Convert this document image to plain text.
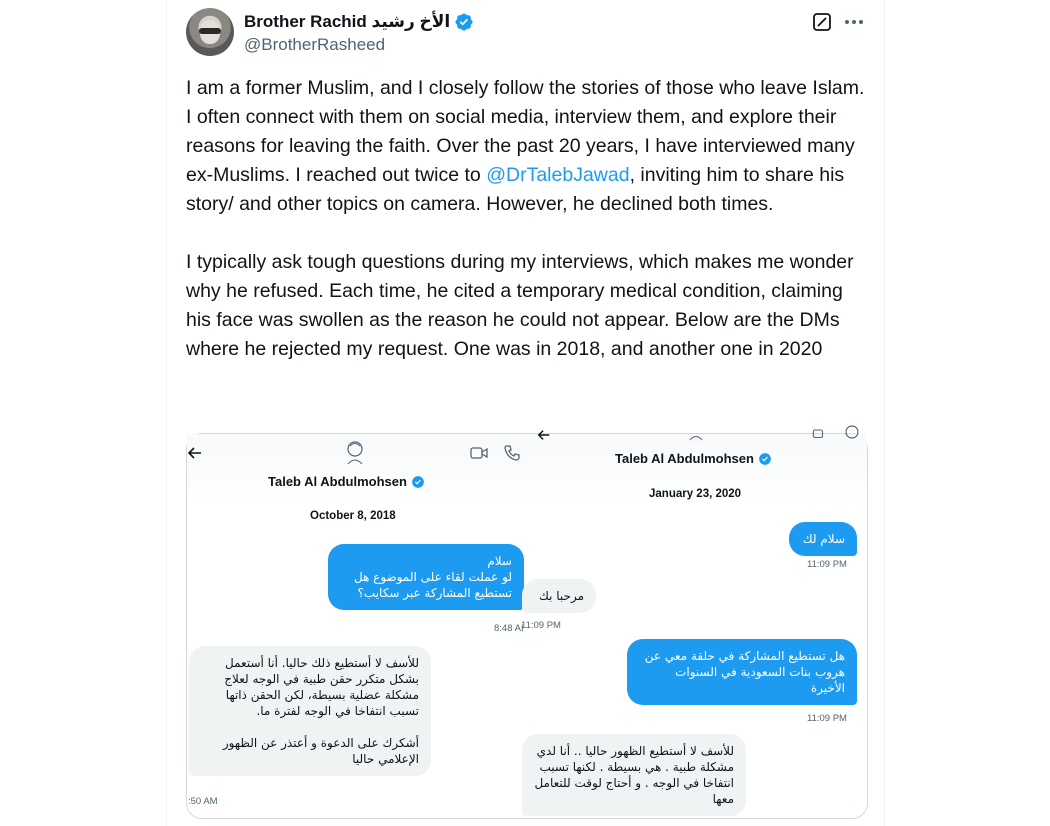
Brother Rachid الأخ رشيد
@BrotherRasheed

I am a former Muslim, and I closely follow the stories of those who leave Islam. I often connect with them on social media, interview them, and explore their reasons for leaving the faith. Over the past 20 years, I have interviewed many ex-Muslims. I reached out twice to @DrTalebJawad, inviting him to share his story/ and other topics on camera. However, he declined both times.

I typically ask tough questions during my interviews, which makes me wonder why he refused. Each time, he cited a temporary medical condition, claiming his face was swollen as the reason he could not appear. Below are the DMs where he rejected my request. One was in 2018, and another one in 2020

Taleb Al Abdulmohsen
October 8, 2018
سلام
لو عملت لقاء على الموضوع هل تستطيع المشاركة عبر سكايب؟
8:48 AI
للأسف لا أستطيع ذلك حاليا. أنا أستعمل بشكل متكرر حقن طبية في الوجه لعلاج مشكلة عضلية بسيطة، لكن الحقن ذاتها تسبب انتفاخا في الوجه لفترة ما.

أشكرك على الدعوة و أعتذر عن الظهور الإعلامي حاليا
:50 AM
Taleb Al Abdulmohsen
January 23, 2020
سلام لك
11:09 PM
مرحبا بك
11:09 PM
هل تستطيع المشاركة في حلقة معي عن هروب بنات السعودية في السنوات الأخيرة
11:09 PM
للأسف لا أستطيع الظهور حاليا .. أنا لدي مشكلة طبية . هي بسيطة . لكنها تسبب انتفاخا في الوجه . و أحتاج لوقت للتعامل معها
